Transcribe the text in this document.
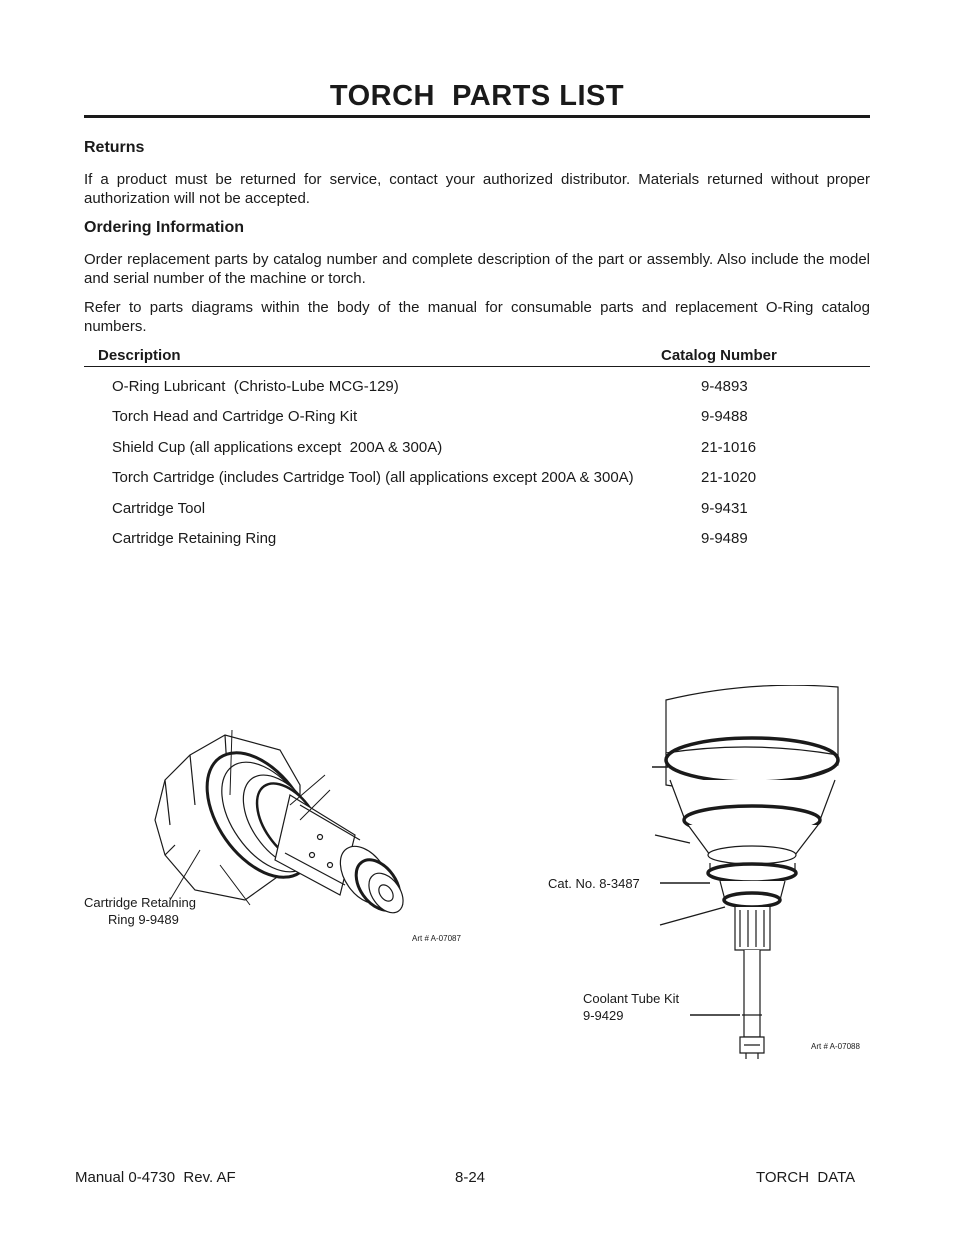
TORCH  PARTS LIST
Returns
If a product must be returned for service, contact your authorized distributor. Materials returned without proper authorization will not be accepted.
Ordering Information
Order replacement parts by catalog number and complete description of the part or assembly. Also include the model and serial number of the machine or torch.
Refer to parts diagrams within the body of the manual for consumable parts and replacement O-Ring catalog numbers.
Description	Catalog Number
O-Ring Lubricant  (Christo-Lube MCG-129)	9-4893
Torch Head and Cartridge O-Ring Kit	9-9488
Shield Cup (all applications except  200A & 300A)	21-1016
Torch Cartridge (includes Cartridge Tool) (all applications except 200A & 300A)	21-1020
Cartridge Tool	9-9431
Cartridge Retaining Ring	9-9489
Cartridge Retaining
Ring 9-9489
Art # A-07087
Cat. No. 8-3487
Coolant Tube Kit
9-9429
Art # A-07088
Manual 0-4730  Rev. AF	8-24	TORCH  DATA
